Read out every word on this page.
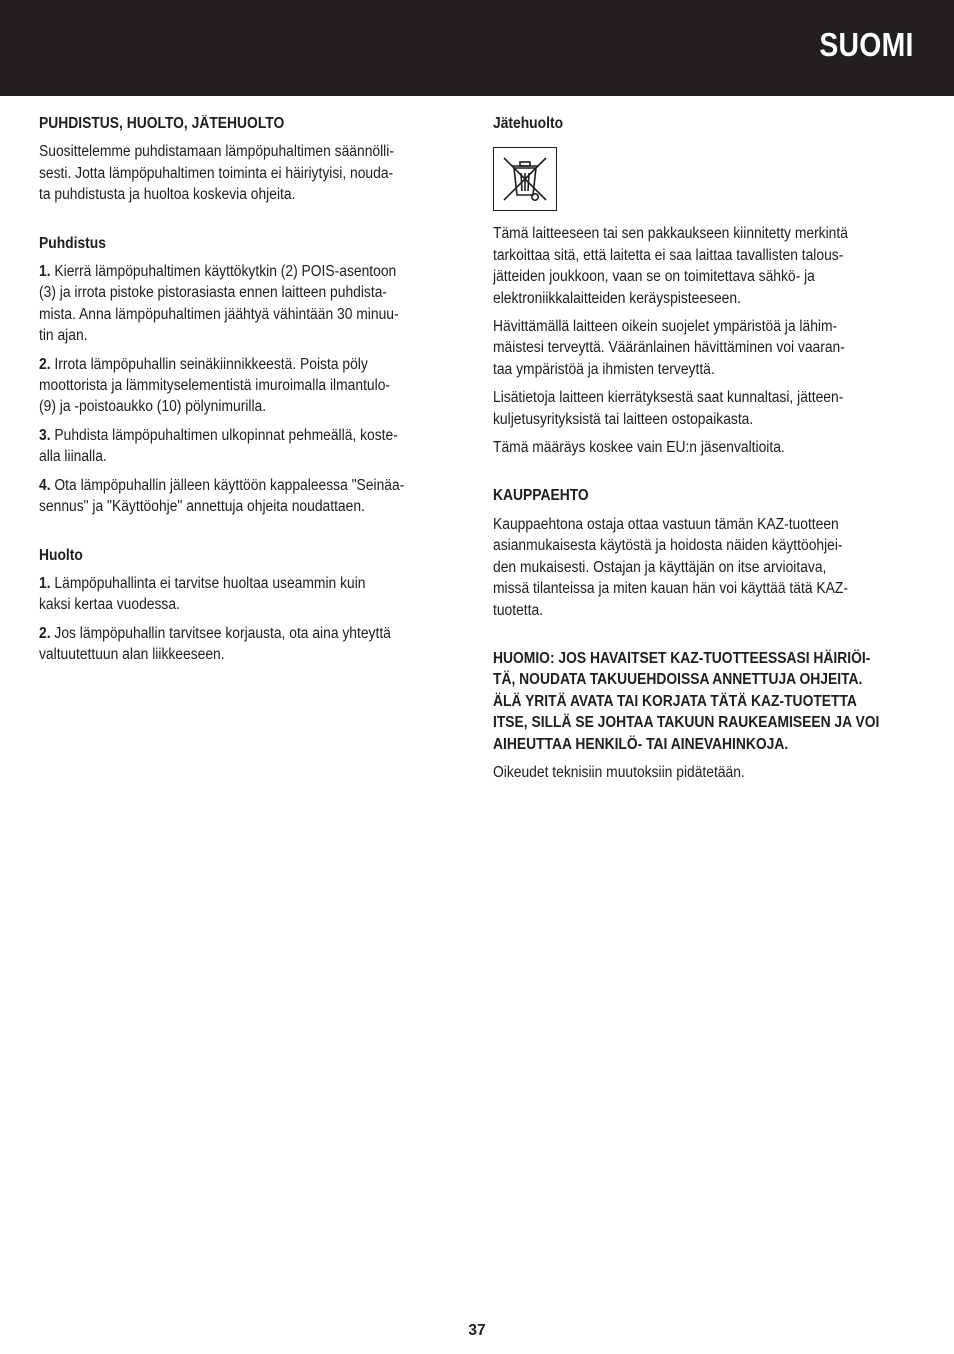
SUOMI
PUHDISTUS, HUOLTO, JÄTEHUOLTO

Suosittelemme puhdistamaan lämpöpuhaltimen säännölli-
sesti. Jotta lämpöpuhaltimen toiminta ei häiriytyisi, nouda-
ta puhdistusta ja huoltoa koskevia ohjeita.

Puhdistus

1. Kierrä lämpöpuhaltimen käyttökytkin (2) POIS-asentoon
(3) ja irrota pistoke pistorasiasta ennen laitteen puhdista-
mista. Anna lämpöpuhaltimen jäähtyä vähintään 30 minuu-
tin ajan.

2. Irrota lämpöpuhallin seinäkiinnikkeestä. Poista pöly
moottorista ja lämmityselementistä imuroimalla ilmantulo-
(9) ja -poistoaukko (10) pölynimurilla.

3. Puhdista lämpöpuhaltimen ulkopinnat pehmeällä, koste-
alla liinalla.

4. Ota lämpöpuhallin jälleen käyttöön kappaleessa "Seinäa-
sennus" ja "Käyttöohje" annettuja ohjeita noudattaen.

Huolto

1. Lämpöpuhallinta ei tarvitse huoltaa useammin kuin
kaksi kertaa vuodessa.

2. Jos lämpöpuhallin tarvitsee korjausta, ota aina yhteyttä
valtuutettuun alan liikkeeseen.

Jätehuolto

Tämä laitteeseen tai sen pakkaukseen kiinnitetty merkintä
tarkoittaa sitä, että laitetta ei saa laittaa tavallisten talous-
jätteiden joukkoon, vaan se on toimitettava sähkö- ja
elektroniikkalaitteiden keräyspisteeseen.

Hävittämällä laitteen oikein suojelet ympäristöä ja lähim-
mäistesi terveyttä. Vääränlainen hävittäminen voi vaaran-
taa ympäristöä ja ihmisten terveyttä.

Lisätietoja laitteen kierrätyksestä saat kunnaltasi, jätteen-
kuljetusyrityksistä tai laitteen ostopaikasta.

Tämä määräys koskee vain EU:n jäsenvaltioita.

KAUPPAEHTO

Kauppaehtona ostaja ottaa vastuun tämän KAZ-tuotteen
asianmukaisesta käytöstä ja hoidosta näiden käyttöohjei-
den mukaisesti. Ostajan ja käyttäjän on itse arvioitava,
missä tilanteissa ja miten kauan hän voi käyttää tätä KAZ-
tuotetta.

HUOMIO: JOS HAVAITSET KAZ-TUOTTEESSASI HÄIRIÖI-
TÄ, NOUDATA TAKUUEHDOISSA ANNETTUJA OHJEITA.
ÄLÄ YRITÄ AVATA TAI KORJATA TÄTÄ KAZ-TUOTETTA
ITSE, SILLÄ SE JOHTAA TAKUUN RAUKEAMISEEN JA VOI
AIHEUTTAA HENKILÖ- TAI AINEVAHINKOJA.

Oikeudet teknisiin muutoksiin pidätetään.

37
